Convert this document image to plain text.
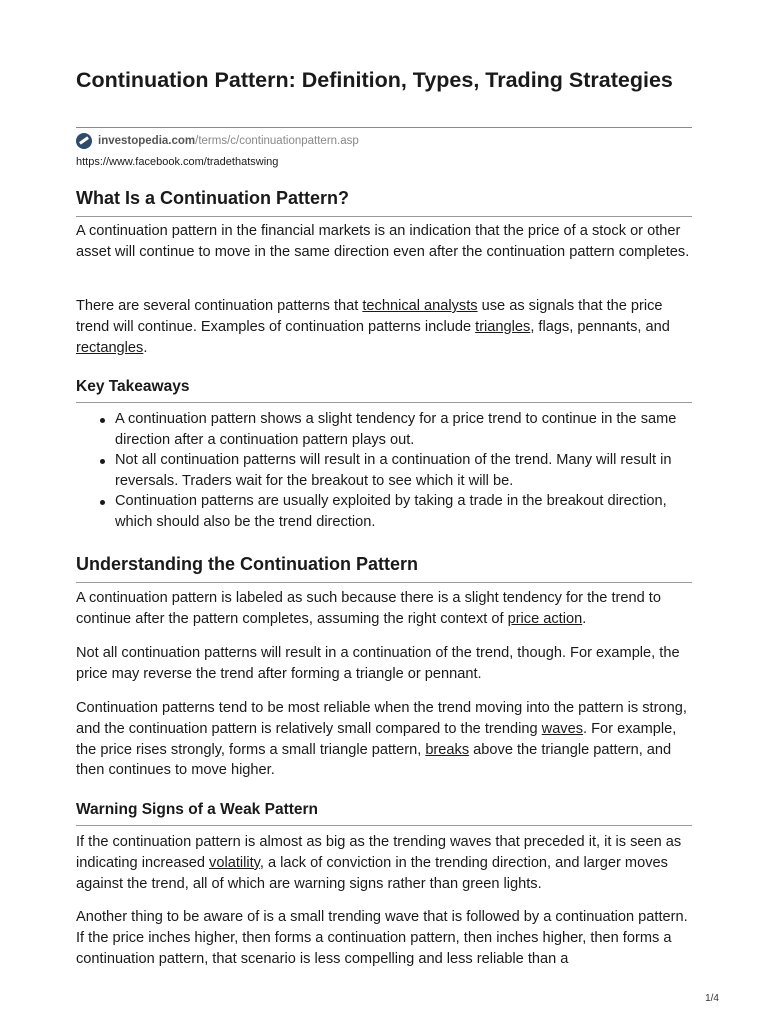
Continuation Pattern: Definition, Types, Trading Strategies
investopedia.com /terms/c/continuationpattern.asp
https://www.facebook.com/tradethatswing
What Is a Continuation Pattern?

A continuation pattern in the financial markets is an indication that the price of a stock or other asset will continue to move in the same direction even after the continuation pattern completes.

There are several continuation patterns that technical analysts use as signals that the price trend will continue. Examples of continuation patterns include triangles, flags, pennants, and rectangles.

Key Takeaways
A continuation pattern shows a slight tendency for a price trend to continue in the same direction after a continuation pattern plays out.
Not all continuation patterns will result in a continuation of the trend. Many will result in reversals. Traders wait for the breakout to see which it will be.
Continuation patterns are usually exploited by taking a trade in the breakout direction, which should also be the trend direction.
Understanding the Continuation Pattern

A continuation pattern is labeled as such because there is a slight tendency for the trend to continue after the pattern completes, assuming the right context of price action.

Not all continuation patterns will result in a continuation of the trend, though. For example, the price may reverse the trend after forming a triangle or pennant.

Continuation patterns tend to be most reliable when the trend moving into the pattern is strong, and the continuation pattern is relatively small compared to the trending waves. For example, the price rises strongly, forms a small triangle pattern, breaks above the triangle pattern, and then continues to move higher.

Warning Signs of a Weak Pattern

If the continuation pattern is almost as big as the trending waves that preceded it, it is seen as indicating increased volatility, a lack of conviction in the trending direction, and larger moves against the trend, all of which are warning signs rather than green lights.

Another thing to be aware of is a small trending wave that is followed by a continuation pattern. If the price inches higher, then forms a continuation pattern, then inches higher, then forms a continuation pattern, that scenario is less compelling and less reliable than a

1/4
